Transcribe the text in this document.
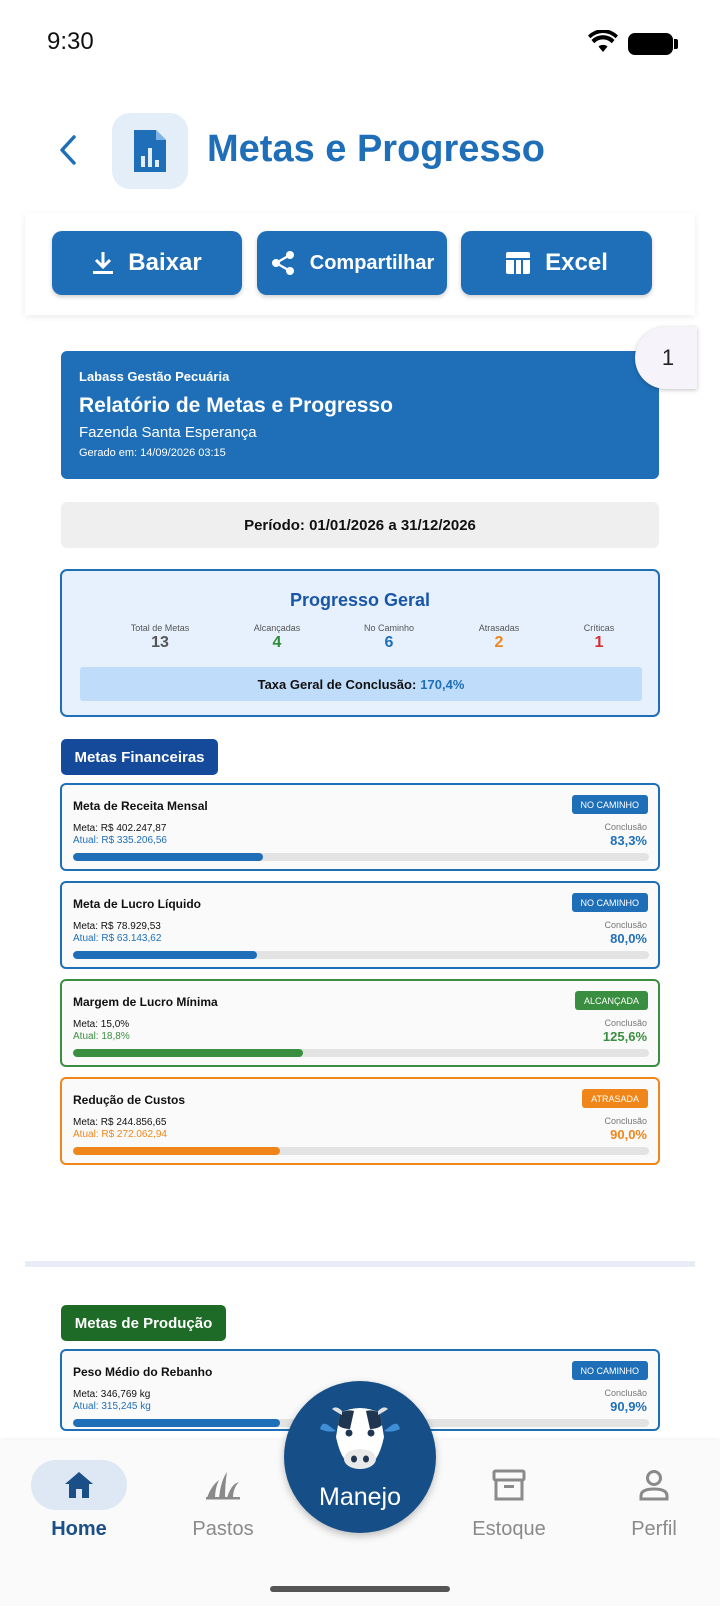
9:30
Metas e Progresso
Baixar	Compartilhar	Excel
Labass Gestão Pecuária
Relatório de Metas e Progresso
Fazenda Santa Esperança
Gerado em: 14/09/2026 03:15
1
Período: 01/01/2026 a 31/12/2026
Progresso Geral
Total de Metas
13
Alcançadas
4
No Caminho
6
Atrasadas
2
Críticas
1
Taxa Geral de Conclusão: 170,4%
Metas Financeiras
Meta de Receita Mensal	NO CAMINHO
Meta: R$ 402.247,87
Atual: R$ 335.206,56
Conclusão
83,3%
Meta de Lucro Líquido	NO CAMINHO
Meta: R$ 78.929,53
Atual: R$ 63.143,62
Conclusão
80,0%
Margem de Lucro Mínima	ALCANÇADA
Meta: 15,0%
Atual: 18,8%
Conclusão
125,6%
Redução de Custos	ATRASADA
Meta: R$ 244.856,65
Atual: R$ 272.062,94
Conclusão
90,0%
Metas de Produção
Peso Médio do Rebanho	NO CAMINHO
Meta: 346,769 kg
Atual: 315,245 kg
Conclusão
90,9%
Home	Pastos	Estoque	Perfil
Manejo
